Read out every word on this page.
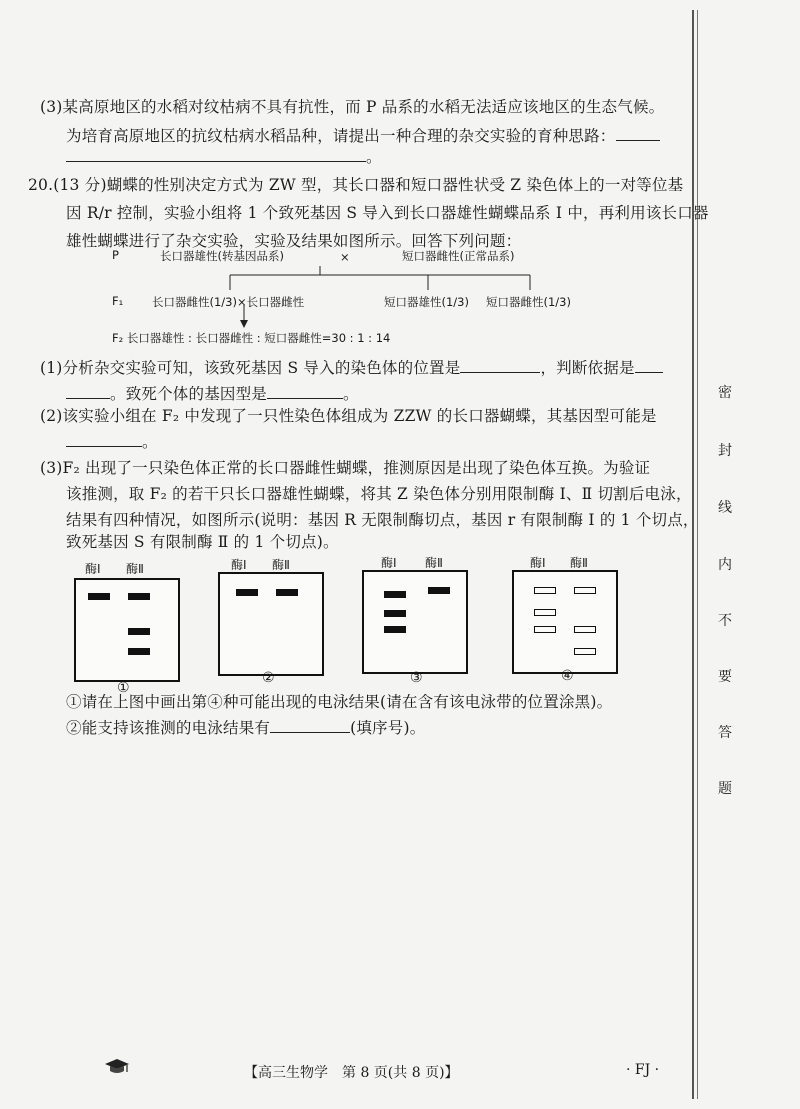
密
封
线
内
不
要
答
题
(3)某高原地区的水稻对纹枯病不具有抗性，而 P 品系的水稻无法适应该地区的生态气候。
为培育高原地区的抗纹枯病水稻品种，请提出一种合理的杂交实验的育种思路：
。
20.(13 分)蝴蝶的性别决定方式为 ZW 型，其长口器和短口器性状受 Z 染色体上的一对等位基
因 R/r 控制，实验小组将 1 个致死基因 S 导入到长口器雄性蝴蝶品系 I 中，再利用该长口器
雄性蝴蝶进行了杂交实验，实验及结果如图所示。回答下列问题：
P	长口器雄性(转基因品系)	×	短口器雌性(正常品系)
F₁	长口器雌性(1/3)×长口器雌性	短口器雄性(1/3) 短口器雌性(1/3)
F₂ 长口器雄性 : 长口器雌性 : 短口器雌性=30 : 1 : 14
(1)分析杂交实验可知，该致死基因 S 导入的染色体的位置是	，判断依据是
。致死个体的基因型是	。
(2)该实验小组在 F₂ 中发现了一只性染色体组成为 ZZW 的长口器蝴蝶，其基因型可能是
。
(3)F₂ 出现了一只染色体正常的长口器雌性蝴蝶，推测原因是出现了染色体互换。为验证
该推测，取 F₂ 的若干只长口器雄性蝴蝶，将其 Z 染色体分别用限制酶 Ⅰ、Ⅱ 切割后电泳，
结果有四种情况，如图所示(说明：基因 R 无限制酶切点，基因 r 有限制酶 Ⅰ 的 1 个切点，
致死基因 S 有限制酶 Ⅱ 的 1 个切点)。
酶Ⅰ 酶Ⅱ
①
酶Ⅰ 酶Ⅱ
②
酶Ⅰ 酶Ⅱ
③
酶Ⅰ 酶Ⅱ
④
①请在上图中画出第④种可能出现的电泳结果(请在含有该电泳带的位置涂黑)。
②能支持该推测的电泳结果有	(填序号)。
【高三生物学　第 8 页(共 8 页)】	· FJ ·
